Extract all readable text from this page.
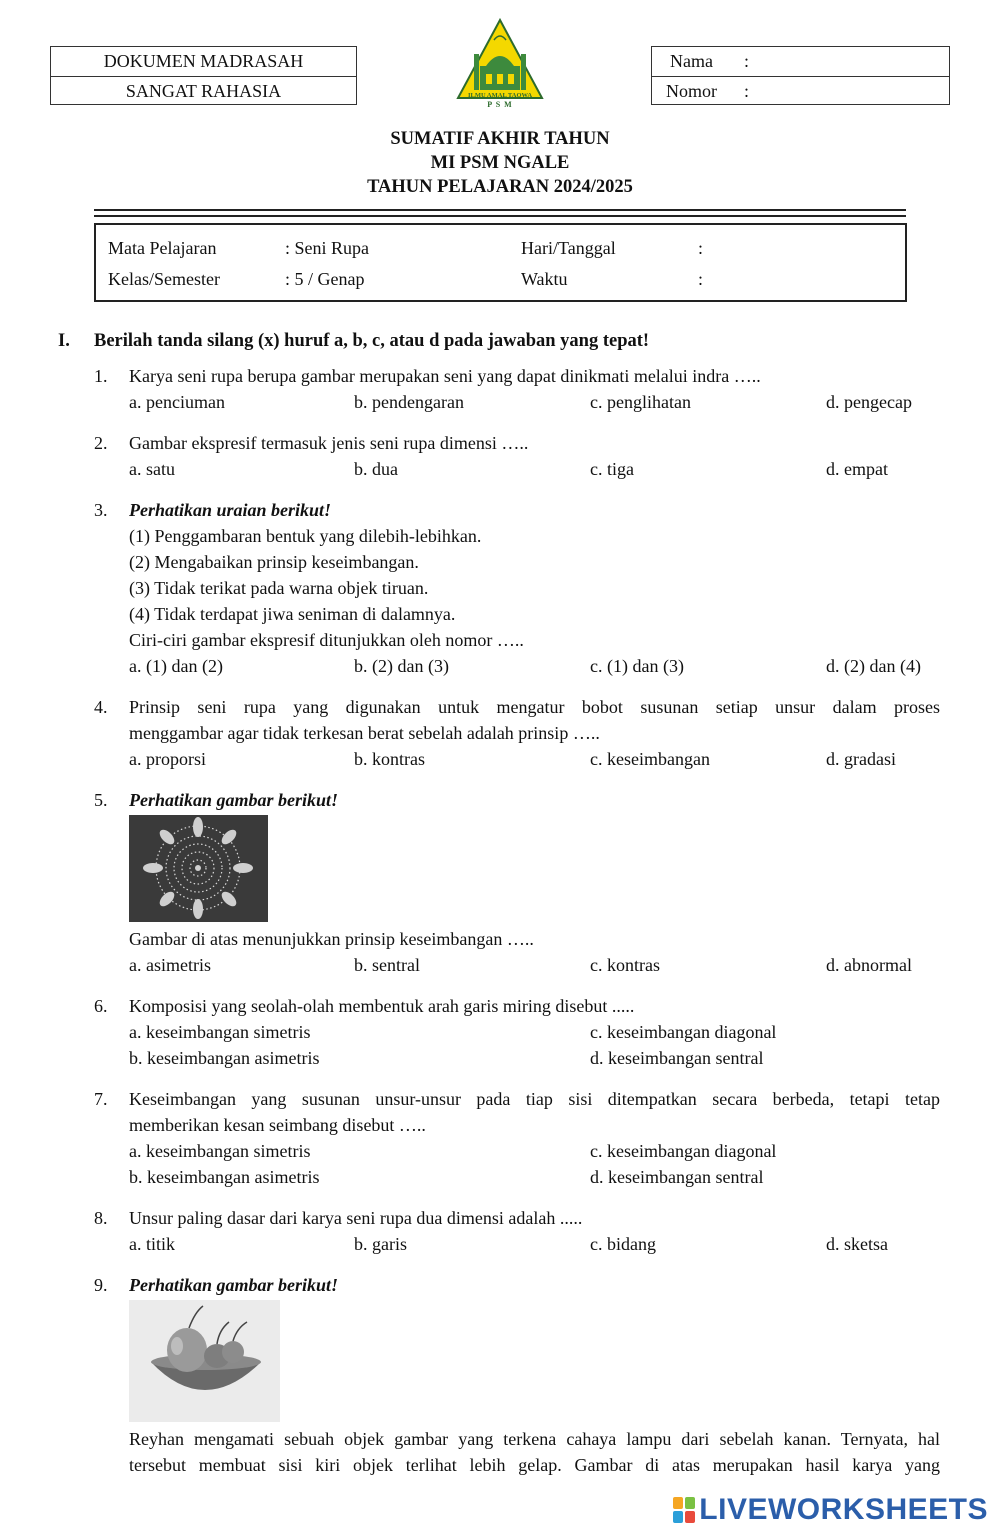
DOKUMEN MADRASAH
SANGAT RAHASIA	ILMU AMAL TAQWA
P S M
Nama :
Nomor :
SUMATIF AKHIR TAHUN
MI PSM NGALE
TAHUN PELAJARAN 2024/2025
Mata Pelajaran	: Seni Rupa	Hari/Tanggal	:
Kelas/Semester	: 5 / Genap	Waktu	:
I. Berilah tanda silang (x) huruf a, b, c, atau d pada jawaban yang tepat!
1. Karya seni rupa berupa gambar merupakan seni yang dapat dinikmati melalui indra …..
a. penciuman	b. pendengaran	c. penglihatan	d. pengecap
2. Gambar ekspresif termasuk jenis seni rupa dimensi …..
a. satu	b. dua	c. tiga	d. empat
3. Perhatikan uraian berikut!
(1) Penggambaran bentuk yang dilebih-lebihkan.
(2) Mengabaikan prinsip keseimbangan.
(3) Tidak terikat pada warna objek tiruan.
(4) Tidak terdapat jiwa seniman di dalamnya.
Ciri-ciri gambar ekspresif ditunjukkan oleh nomor …..
a. (1) dan (2)	b. (2) dan (3)	c. (1) dan (3)	d. (2) dan (4)
4. Prinsip seni rupa yang digunakan untuk mengatur bobot susunan setiap unsur dalam proses
menggambar agar tidak terkesan berat sebelah adalah prinsip …..
a. proporsi	b. kontras	c. keseimbangan	d. gradasi
5. Perhatikan gambar berikut!
Gambar di atas menunjukkan prinsip keseimbangan …..
a. asimetris	b. sentral	c. kontras	d. abnormal
6. Komposisi yang seolah-olah membentuk arah garis miring disebut .....
a. keseimbangan simetris	c. keseimbangan diagonal
b. keseimbangan asimetris	d. keseimbangan sentral
7. Keseimbangan yang susunan unsur-unsur pada tiap sisi ditempatkan secara berbeda, tetapi tetap
memberikan kesan seimbang disebut …..
a. keseimbangan simetris	c. keseimbangan diagonal
b. keseimbangan asimetris	d. keseimbangan sentral
8. Unsur paling dasar dari karya seni rupa dua dimensi adalah .....
a. titik	b. garis	c. bidang	d. sketsa
9. Perhatikan gambar berikut!
Reyhan mengamati sebuah objek gambar yang terkena cahaya lampu dari sebelah kanan. Ternyata, hal
tersebut membuat sisi kiri objek terlihat lebih gelap. Gambar di atas merupakan hasil karya yang
LIVEWORKSHEETS
